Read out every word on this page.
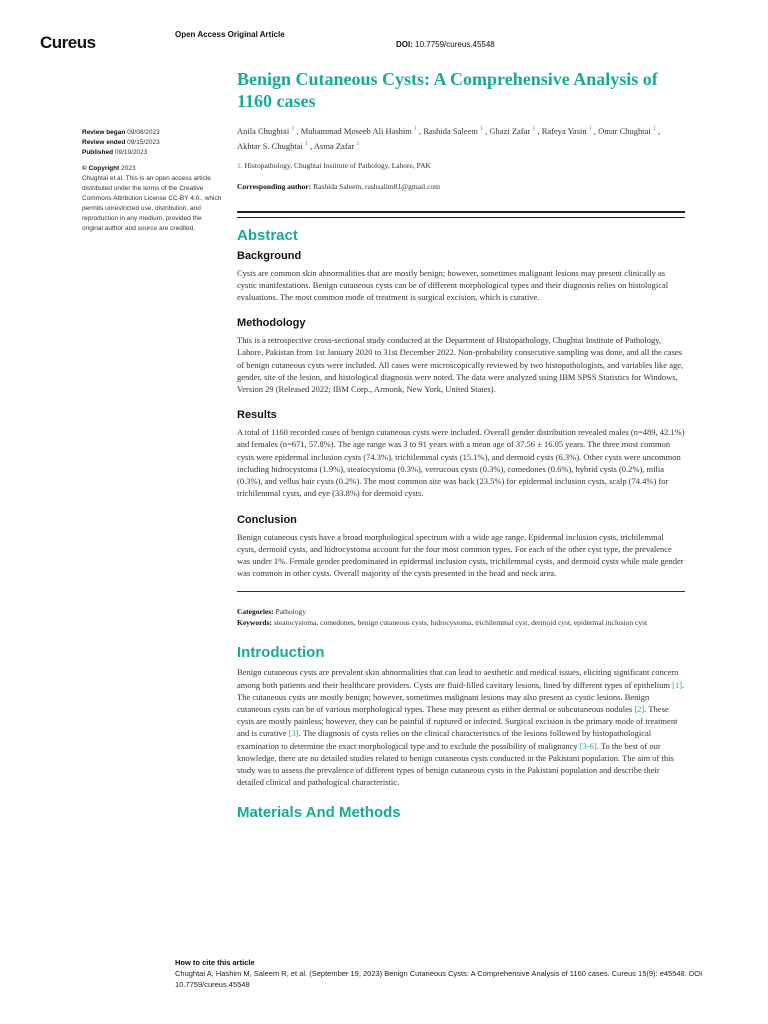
Cureus	Open Access Original Article
DOI: 10.7759/cureus.45548
Review began 09/08/2023
Review ended 09/15/2023
Published 09/19/2023
© Copyright 2023
Chughtai et al. This is an open access article distributed under the terms of the Creative Commons Attribution License CC-BY 4.0., which permits unrestricted use, distribution, and reproduction in any medium, provided the original author and source are credited.
Benign Cutaneous Cysts: A Comprehensive Analysis of 1160 cases
Anila Chughtai $^1$ , Muhammad Moseeb Ali Hashim $^1$ , Rashida Saleem $^1$ , Ghazi Zafar $^1$ , Rafeya Yasin $^1$ , Omar Chughtai $^1$ , Akhtar S. Chughtai $^1$ , Asma Zafar $^1$
1. Histopathology, Chughtai Institute of Pathology, Lahore, PAK
Corresponding author: Rashida Saleem, rashsalim81@gmail.com
Abstract
Background

Cysts are common skin abnormalities that are mostly benign; however, sometimes malignant lesions may present clinically as cystic manifestations. Benign cutaneous cysts can be of different morphological types and their diagnosis relies on histological evaluations. The most common mode of treatment is surgical excision, which is curative.

Methodology

This is a retrospective cross-sectional study conducted at the Department of Histopathology, Chughtai Institute of Pathology, Lahore, Pakistan from 1st January 2020 to 31st December 2022. Non-probability consecutive sampling was done, and all the cases of benign cutaneous cysts were included. All cases were microscopically reviewed by two histopathologists, and variables like age, gender, site of the lesion, and histological diagnosis were noted. The data were analyzed using IBM SPSS Statistics for Windows, Version 29 (Released 2022; IBM Corp., Armonk, New York, United States).

Results

A total of 1160 recorded cases of benign cutaneous cysts were included. Overall gender distribution revealed males (n=489, 42.1%) and females (n=671, 57.8%). The age range was 3 to 91 years with a mean age of 37.56 ± 16.05 years. The three most common cysts were epidermal inclusion cysts (74.3%), trichilemmal cysts (15.1%), and dermoid cysts (6.3%). Other cysts were uncommon including hidrocystoma (1.9%), steatocystoma (0.3%), verrucous cysts (0.3%), comedones (0.6%), hybrid cysts (0.2%), milia (0.3%), and vellus hair cysts (0.2%). The most common site was back (23.5%) for epidermal inclusion cysts, scalp (74.4%) for trichilemmal cysts, and eye (33.8%) for dermoid cysts.

Conclusion

Benign cutaneous cysts have a broad morphological spectrum with a wide age range. Epidermal inclusion cysts, trichilemmal cysts, dermoid cysts, and hidrocystoma account for the four most common types. For each of the other cyst type, the prevalence was under 1%. Female gender predominated in epidermal inclusion cysts, trichilemmal cysts, and dermoid cysts while male gender was common in other cysts. Overall majority of the cysts presented in the head and neck area.

Categories: Pathology
Keywords: steatocystoma, comedones, benign cutaneous cysts, hidrocystoma, trichilemmal cyst, dermoid cyst, epidermal inclusion cyst
Introduction

Benign cutaneous cysts are prevalent skin abnormalities that can lead to aesthetic and medical issues, eliciting significant concern among both patients and their healthcare providers. Cysts are fluid-filled cavitary lesions, lined by different types of epithelium [1]. The cutaneous cysts are mostly benign; however, sometimes malignant lesions may also present as cystic lesions. Benign cutaneous cysts can be of various morphological types. These may present as either dermal or subcutaneous nodules [2]. These cysts are mostly painless; however, they can be painful if ruptured or infected. Surgical excision is the primary mode of treatment and is curative [3]. The diagnosis of cysts relies on the clinical characteristics of the lesions followed by histopathological examination to determine the exact morphological type and to exclude the possibility of malignancy [3-6]. To the best of our knowledge, there are no detailed studies related to benign cutaneous cysts conducted in the Pakistani population. The aim of this study was to assess the prevalence of different types of benign cutaneous cysts in the Pakistani population and describe their detailed clinical and pathological characteristic.

Materials And Methods
How to cite this article
Chughtai A, Hashim M, Saleem R, et al. (September 19, 2023) Benign Cutaneous Cysts: A Comprehensive Analysis of 1160 cases. Cureus 15(9): e45548. DOI 10.7759/cureus.45548
